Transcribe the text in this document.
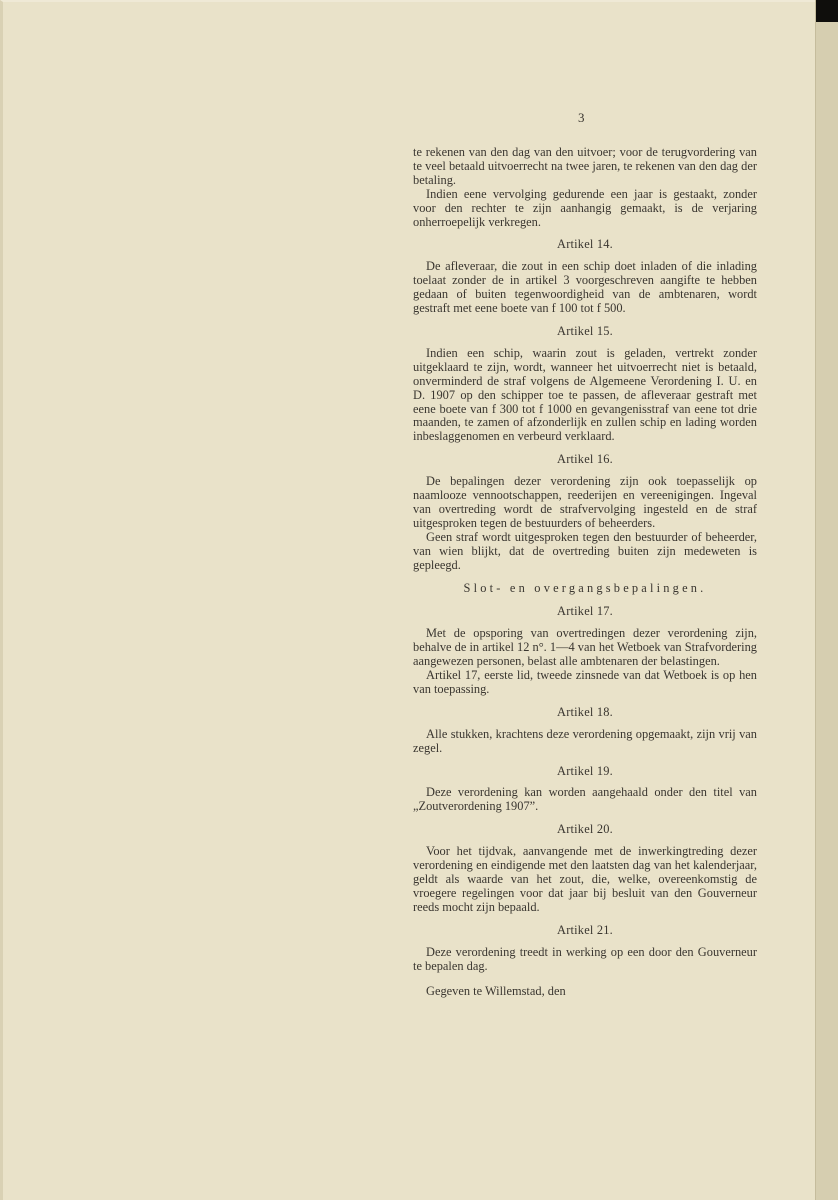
3

te rekenen van den dag van den uitvoer; voor de terugvordering van te veel betaald uitvoerrecht na twee jaren, te rekenen van den dag der betaling.

Indien eene vervolging gedurende een jaar is gestaakt, zonder voor den rechter te zijn aanhangig gemaakt, is de verjaring onherroepelijk verkregen.

Artikel 14.

De afleveraar, die zout in een schip doet inladen of die inlading toelaat zonder de in artikel 3 voorgeschreven aangifte te hebben gedaan of buiten tegenwoordigheid van de ambtenaren, wordt gestraft met eene boete van f 100 tot f 500.

Artikel 15.

Indien een schip, waarin zout is geladen, vertrekt zonder uitgeklaard te zijn, wordt, wanneer het uitvoerrecht niet is betaald, onverminderd de straf volgens de Algemeene Verordening I. U. en D. 1907 op den schipper toe te passen, de afleveraar gestraft met eene boete van f 300 tot f 1000 en gevangenisstraf van eene tot drie maanden, te zamen of afzonderlijk en zullen schip en lading worden inbeslaggenomen en verbeurd verklaard.

Artikel 16.

De bepalingen dezer verordening zijn ook toepasselijk op naamlooze vennootschappen, reederijen en vereenigingen. Ingeval van overtreding wordt de strafvervolging ingesteld en de straf uitgesproken tegen de bestuurders of beheerders.

Geen straf wordt uitgesproken tegen den bestuurder of beheerder, van wien blijkt, dat de overtreding buiten zijn medeweten is gepleegd.

Slot- en overgangsbepalingen.
Artikel 17.

Met de opsporing van overtredingen dezer verordening zijn, behalve de in artikel 12 n°. 1—4 van het Wetboek van Strafvordering aangewezen personen, belast alle ambtenaren der belastingen.

Artikel 17, eerste lid, tweede zinsnede van dat Wetboek is op hen van toepassing.

Artikel 18.

Alle stukken, krachtens deze verordening opgemaakt, zijn vrij van zegel.

Artikel 19.

Deze verordening kan worden aangehaald onder den titel van „Zoutverordening 1907”.

Artikel 20.

Voor het tijdvak, aanvangende met de inwerkingtreding dezer verordening en eindigende met den laatsten dag van het kalenderjaar, geldt als waarde van het zout, die, welke, overeenkomstig de vroegere regelingen voor dat jaar bij besluit van den Gouverneur reeds mocht zijn bepaald.

Artikel 21.

Deze verordening treedt in werking op een door den Gouverneur te bepalen dag.

Gegeven te Willemstad, den
